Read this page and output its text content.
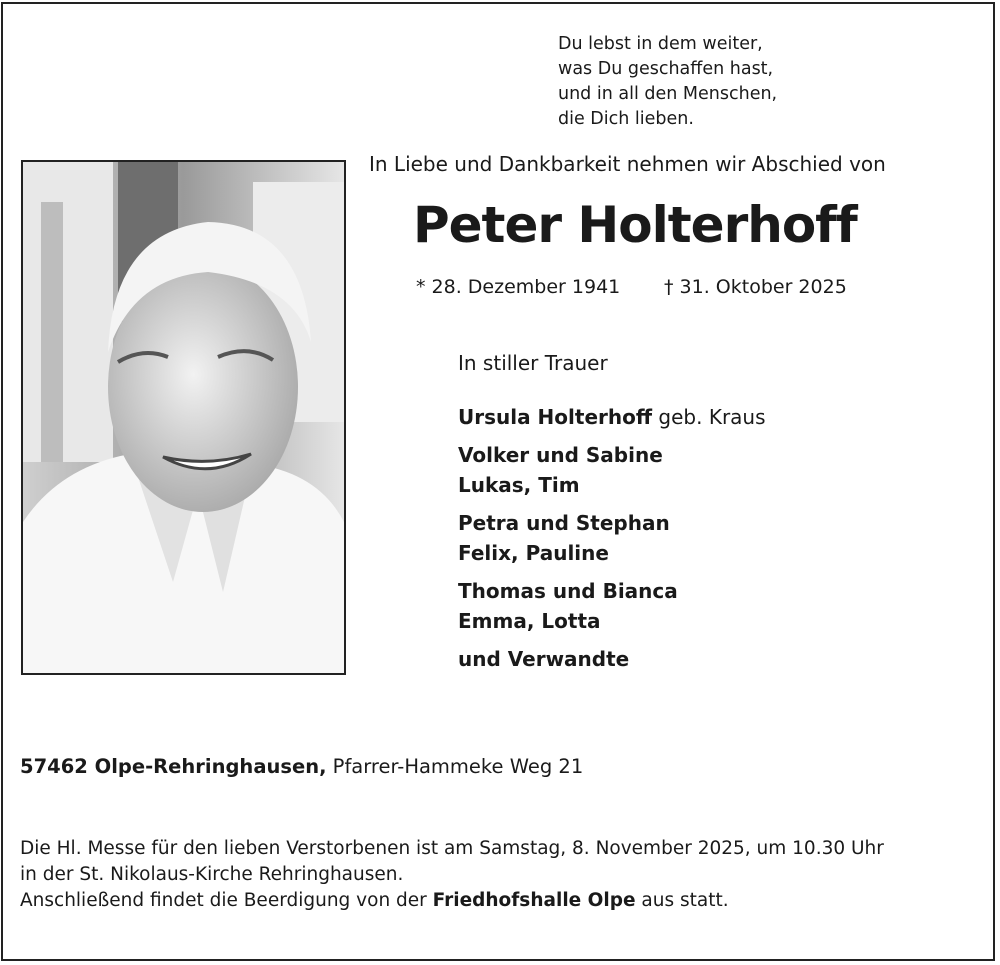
Du lebst in dem weiter,
was Du geschaffen hast,
und in all den Menschen,
die Dich lieben.
In Liebe und Dankbarkeit nehmen wir Abschied von
Peter Holterhoff
* 28. Dezember 1941 † 31. Oktober 2025
In stiller Trauer
Ursula Holterhoff geb. Kraus
Volker und Sabine
Lukas, Tim
Petra und Stephan
Felix, Pauline
Thomas und Bianca
Emma, Lotta
und Verwandte
57462 Olpe-Rehringhausen, Pfarrer-Hammeke Weg 21
Die Hl. Messe für den lieben Verstorbenen ist am Samstag, 8. November 2025, um 10.30 Uhr
in der St. Nikolaus-Kirche Rehringhausen.
Anschließend findet die Beerdigung von der Friedhofshalle Olpe aus statt.
